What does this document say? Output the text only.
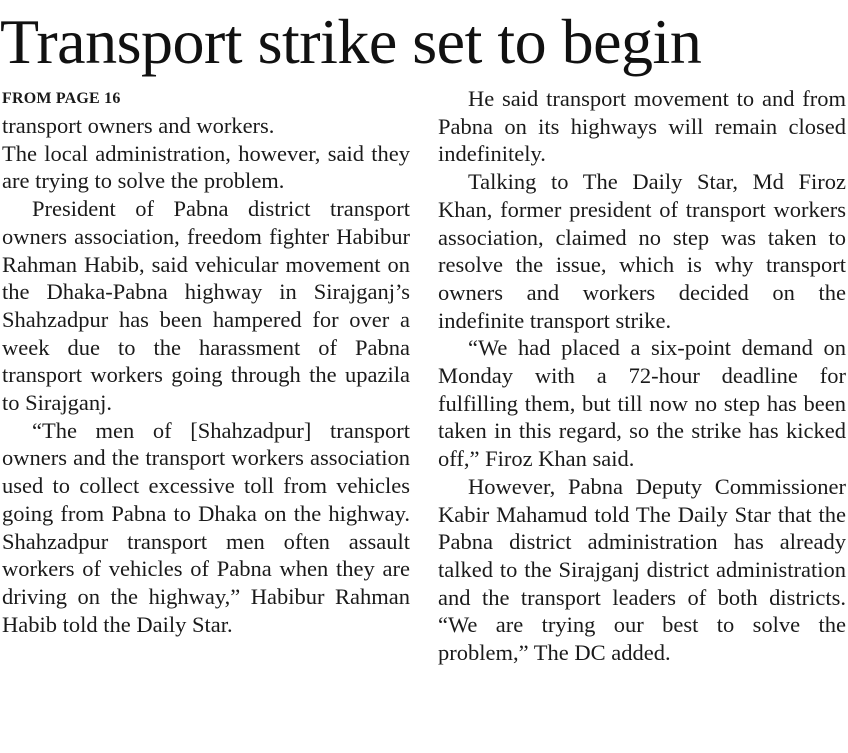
Transport strike set to begin
FROM PAGE 16

transport owners and workers.

The local administration, however, said they are trying to solve the problem.

President of Pabna district transport owners association, freedom fighter Habibur Rahman Habib, said vehicular movement on the Dhaka-Pabna highway in Sirajganj’s Shahzadpur has been hampered for over a week due to the harassment of Pabna transport workers going through the upazila to Sirajganj.

“The men of [Shahzadpur] transport owners and the transport workers association used to collect excessive toll from vehicles going from Pabna to Dhaka on the highway. Shahzadpur transport men often assault workers of vehicles of Pabna when they are driving on the highway,” Habibur Rahman Habib told the Daily Star.

He said transport movement to and from Pabna on its highways will remain closed indefinitely.

Talking to The Daily Star, Md Firoz Khan, former president of transport workers association, claimed no step was taken to resolve the issue, which is why transport owners and workers decided on the indefinite transport strike.

“We had placed a six-point demand on Monday with a 72-hour deadline for fulfilling them, but till now no step has been taken in this regard, so the strike has kicked off,” Firoz Khan said.

However, Pabna Deputy Commissioner Kabir Mahamud told The Daily Star that the Pabna district administration has already talked to the Sirajganj district administration and the transport leaders of both districts. “We are trying our best to solve the problem,” The DC added.
